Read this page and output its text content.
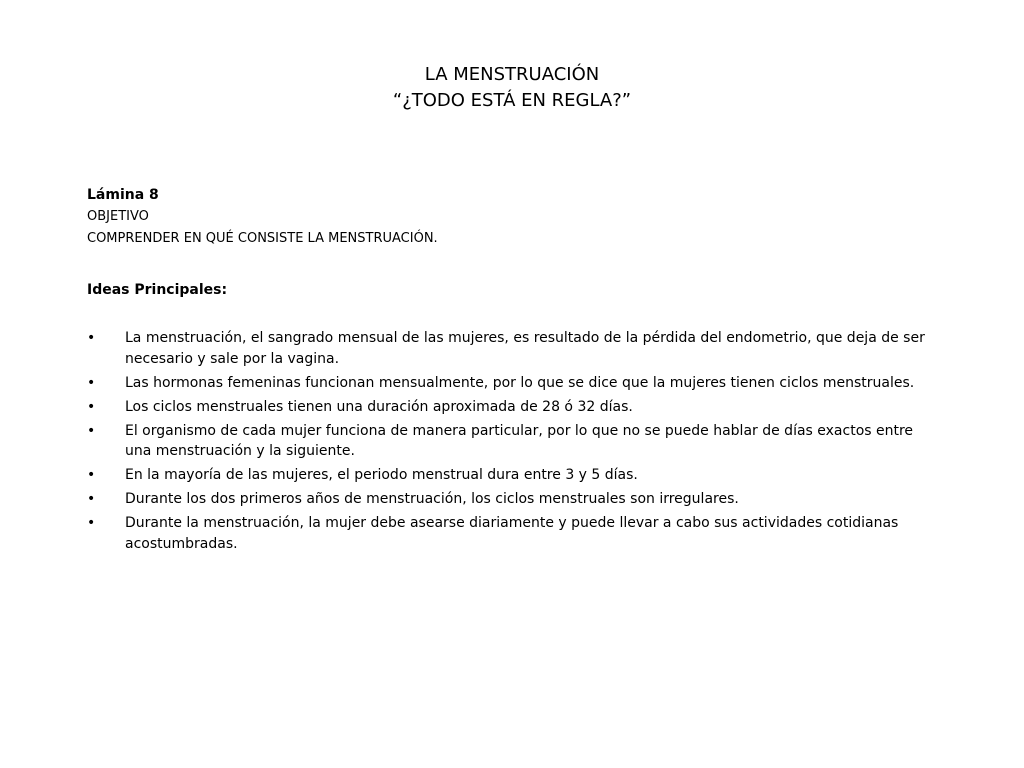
LA MENSTRUACIÓN
“¿TODO ESTÁ EN REGLA?”
Lámina 8
OBJETIVO
COMPRENDER EN QUÉ CONSISTE LA MENSTRUACIÓN.
Ideas Principales:
• La menstruación, el sangrado mensual de las mujeres, es resultado de la pérdida del endometrio, que deja de ser necesario y sale por la vagina.
• Las hormonas femeninas funcionan mensualmente, por lo que se dice que la mujeres tienen ciclos menstruales.
• Los ciclos menstruales tienen una duración aproximada de 28 ó 32 días.
• El organismo de cada mujer funciona de manera particular, por lo que no se puede hablar de días exactos entre una menstruación y la siguiente.
• En la mayoría de las mujeres, el periodo menstrual dura entre 3 y 5 días.
• Durante los dos primeros años de menstruación, los ciclos menstruales son irregulares.
• Durante la menstruación, la mujer debe asearse diariamente y puede llevar a cabo sus actividades cotidianas acostumbradas.
